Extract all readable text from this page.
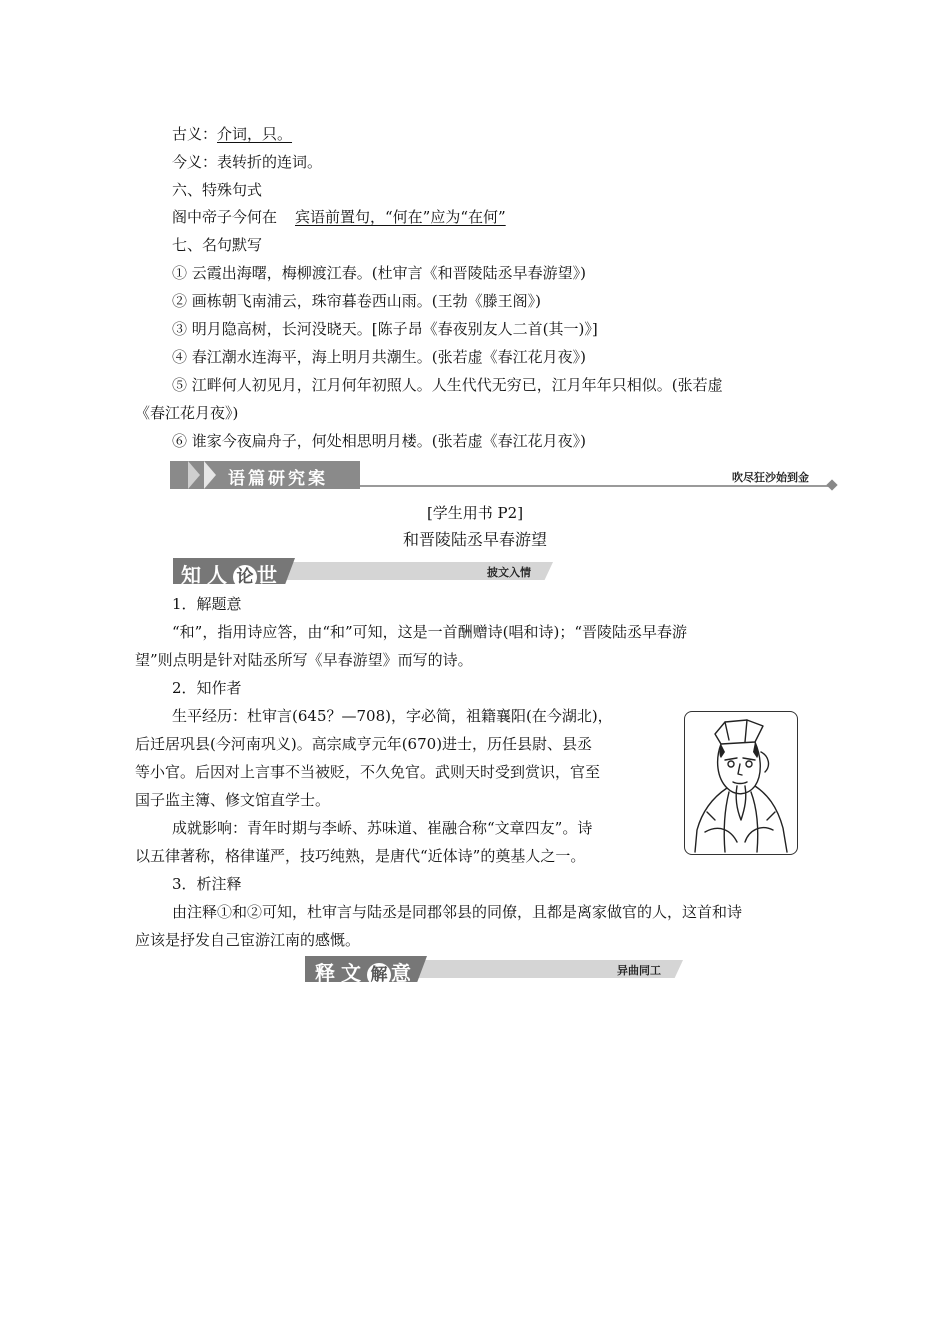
古义：介词，只。
今义：表转折的连词。
六、特殊句式
阁中帝子今何在 宾语前置句，“何在”应为“在何”
七、名句默写
① 云霞出海曙，梅柳渡江春。(杜审言《和晋陵陆丞早春游望》)
② 画栋朝飞南浦云，珠帘暮卷西山雨。(王勃《滕王阁》)
③ 明月隐高树，长河没晓天。[陈子昂《春夜别友人二首(其一)》]
④ 春江潮水连海平，海上明月共潮生。(张若虚《春江花月夜》)
⑤ 江畔何人初见月，江月何年初照人。人生代代无穷已，江月年年只相似。(张若虚
《春江花月夜》)
⑥ 谁家今夜扁舟子，何处相思明月楼。(张若虚《春江花月夜》)
语篇研究案	吹尽狂沙始到金
[学生用书 P2]
和晋陵陆丞早春游望
知人 论 世	披文入情
1．解题意
“和”，指用诗应答，由“和”可知，这是一首酬赠诗(唱和诗)；“晋陵陆丞早春游
望”则点明是针对陆丞所写《早春游望》而写的诗。
2．知作者
生平经历：杜审言(645？—708)，字必简，祖籍襄阳(在今湖北)，
后迁居巩县(今河南巩义)。高宗咸亨元年(670)进士，历任县尉、县丞
等小官。后因对上言事不当被贬，不久免官。武则天时受到赏识，官至
国子监主簿、修文馆直学士。
成就影响：青年时期与李峤、苏味道、崔融合称“文章四友”。诗
以五律著称，格律谨严，技巧纯熟，是唐代“近体诗”的奠基人之一。
3．析注释
由注释①和②可知，杜审言与陆丞是同郡邻县的同僚，且都是离家做官的人，这首和诗
应该是抒发自己宦游江南的感慨。
释文 解 意	异曲同工
